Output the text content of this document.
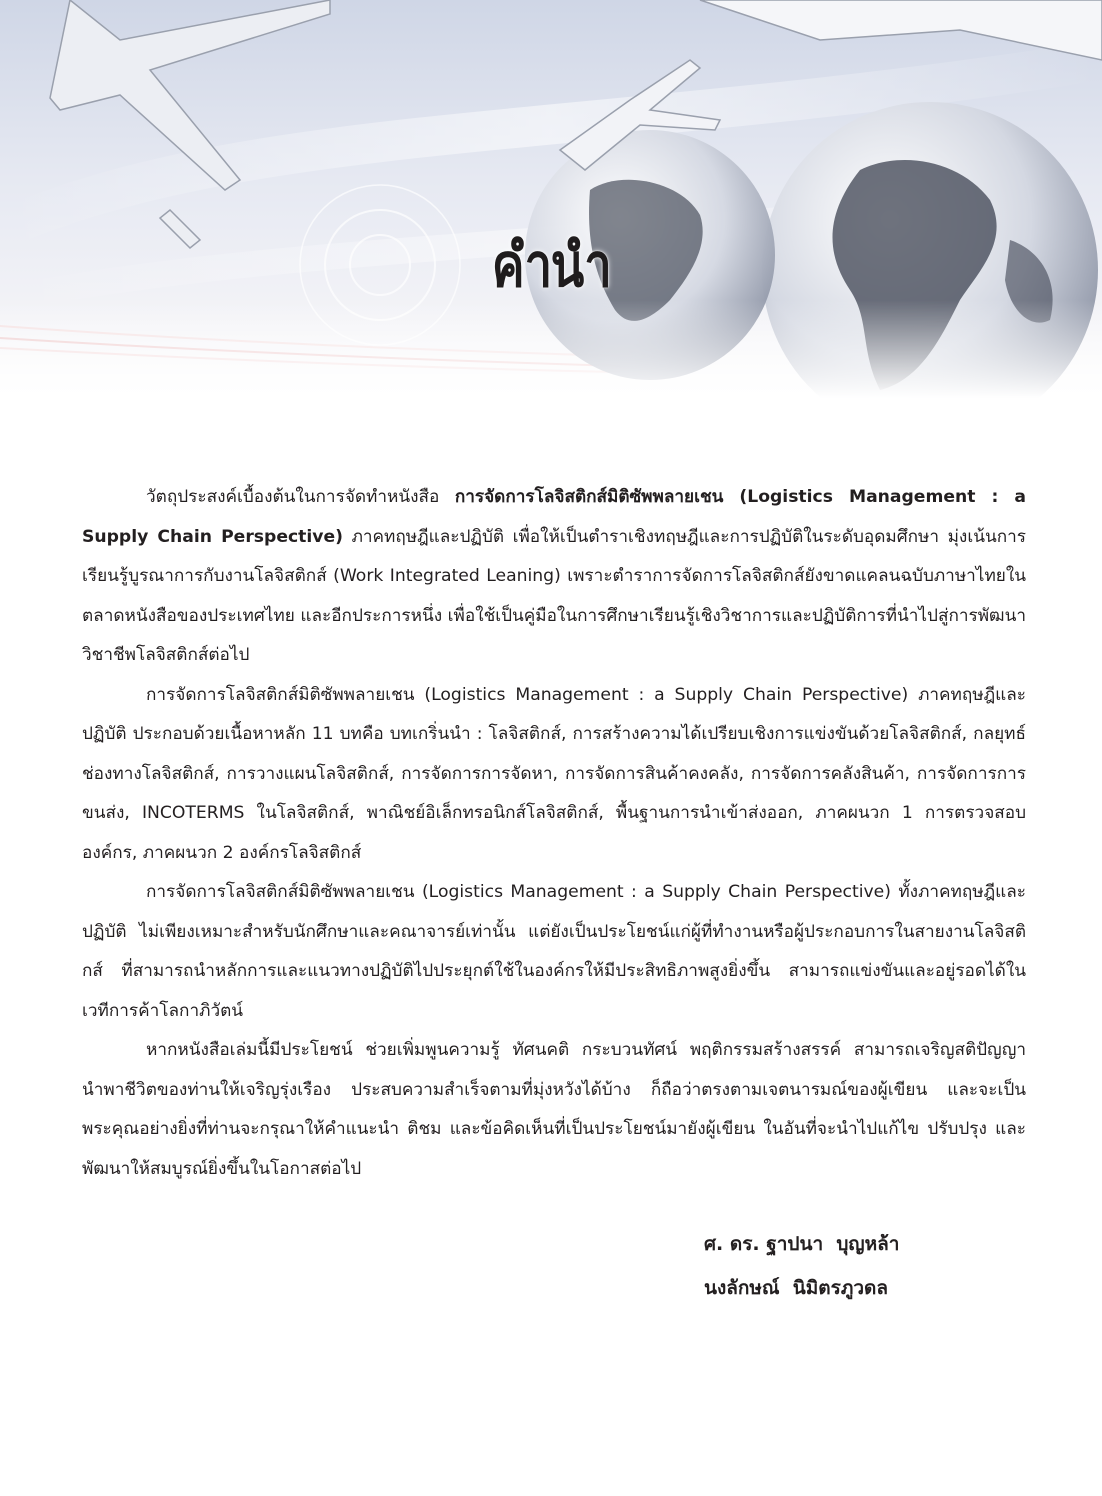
คำนำ

วัตถุประสงค์เบื้องต้นในการจัดทำหนังสือ การจัดการโลจิสติกส์มิติซัพพลายเชน (Logistics Management : a Supply Chain Perspective) ภาคทฤษฎีและปฏิบัติ เพื่อให้เป็นตำราเชิงทฤษฎีและการปฏิบัติในระดับอุดมศึกษา มุ่งเน้นการเรียนรู้บูรณาการกับงานโลจิสติกส์ (Work Integrated Leaning) เพราะตำราการจัดการโลจิสติกส์ยังขาดแคลนฉบับภาษาไทยในตลาดหนังสือของประเทศไทย และอีกประการหนึ่ง เพื่อใช้เป็นคู่มือในการศึกษาเรียนรู้เชิงวิชาการและปฏิบัติการที่นำไปสู่การพัฒนาวิชาชีพโลจิสติกส์ต่อไป

การจัดการโลจิสติกส์มิติซัพพลายเชน (Logistics Management : a Supply Chain Perspective) ภาคทฤษฎีและปฏิบัติ ประกอบด้วยเนื้อหาหลัก 11 บทคือ บทเกริ่นนำ : โลจิสติกส์, การสร้างความได้เปรียบเชิงการแข่งขันด้วยโลจิสติกส์, กลยุทธ์ช่องทางโลจิสติกส์, การวางแผนโลจิสติกส์, การจัดการการจัดหา, การจัดการสินค้าคงคลัง, การจัดการคลังสินค้า, การจัดการการขนส่ง, INCOTERMS ในโลจิสติกส์, พาณิชย์อิเล็กทรอนิกส์โลจิสติกส์, พื้นฐานการนำเข้าส่งออก, ภาคผนวก 1 การตรวจสอบองค์กร, ภาคผนวก 2 องค์กรโลจิสติกส์

การจัดการโลจิสติกส์มิติซัพพลายเชน (Logistics Management : a Supply Chain Perspective) ทั้งภาคทฤษฎีและปฏิบัติ ไม่เพียงเหมาะสำหรับนักศึกษาและคณาจารย์เท่านั้น แต่ยังเป็นประโยชน์แก่ผู้ที่ทำงานหรือผู้ประกอบการในสายงานโลจิสติกส์ ที่สามารถนำหลักการและแนวทางปฏิบัติไปประยุกต์ใช้ในองค์กรให้มีประสิทธิภาพสูงยิ่งขึ้น สามารถแข่งขันและอยู่รอดได้ในเวทีการค้าโลกาภิวัตน์

หากหนังสือเล่มนี้มีประโยชน์ ช่วยเพิ่มพูนความรู้ ทัศนคติ กระบวนทัศน์ พฤติกรรมสร้างสรรค์ สามารถเจริญสติปัญญา นำพาชีวิตของท่านให้เจริญรุ่งเรือง ประสบความสำเร็จตามที่มุ่งหวังได้บ้าง ก็ถือว่าตรงตามเจตนารมณ์ของผู้เขียน และจะเป็นพระคุณอย่างยิ่งที่ท่านจะกรุณาให้คำแนะนำ ติชม และข้อคิดเห็นที่เป็นประโยชน์มายังผู้เขียน ในอันที่จะนำไปแก้ไข ปรับปรุง และพัฒนาให้สมบูรณ์ยิ่งขึ้นในโอกาสต่อไป

ศ. ดร. ฐาปนา  บุญหล้า
นงลักษณ์  นิมิตรภูวดล
